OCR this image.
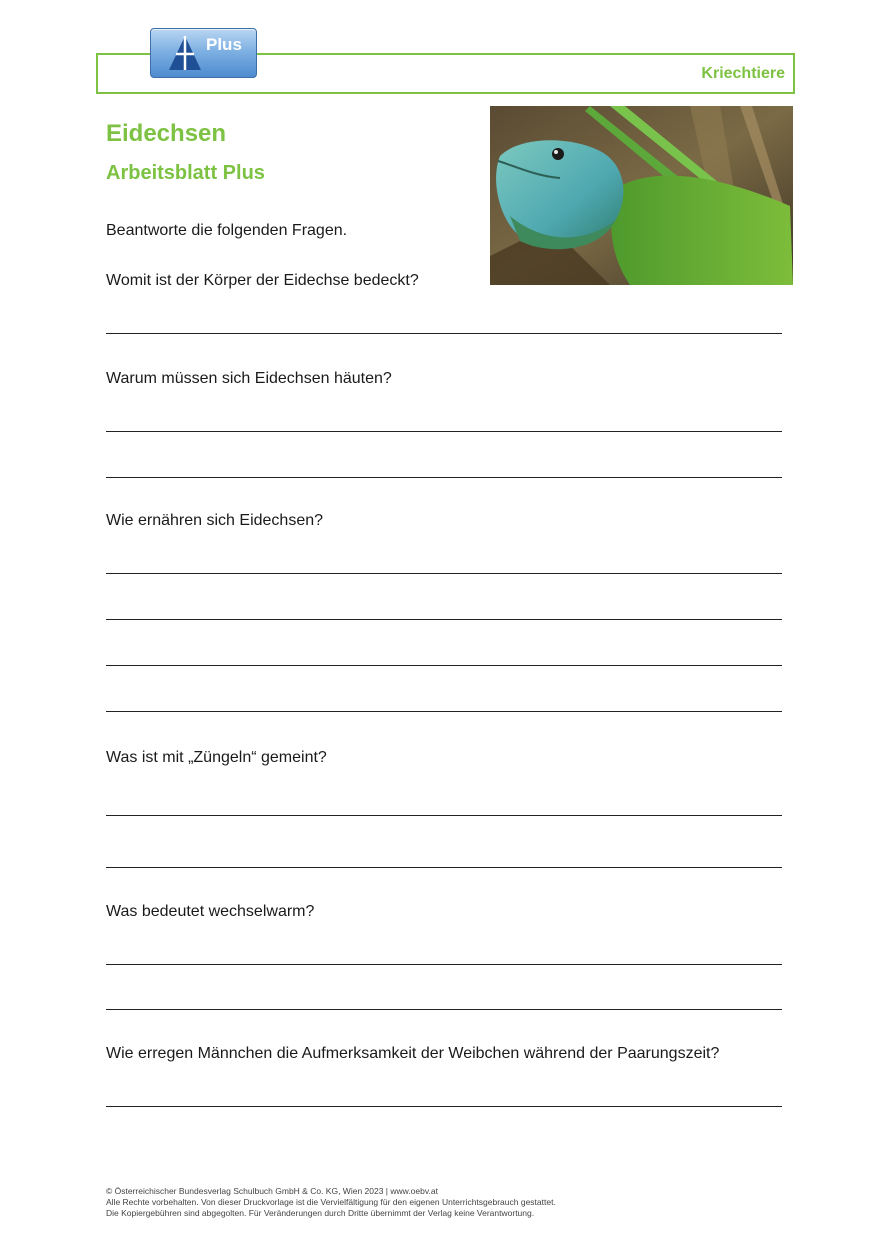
Kriechtiere
Plus
Eidechsen
Arbeitsblatt Plus
Beantworte die folgenden Fragen.
Womit ist der Körper der Eidechse bedeckt?
Warum müssen sich Eidechsen häuten?
Wie ernähren sich Eidechsen?
Was ist mit „Züngeln“ gemeint?
Was bedeutet wechselwarm?
Wie erregen Männchen die Aufmerksamkeit der Weibchen während der Paarungszeit?
© Österreichischer Bundesverlag Schulbuch GmbH & Co. KG, Wien 2023 | www.oebv.at
Alle Rechte vorbehalten. Von dieser Druckvorlage ist die Vervielfältigung für den eigenen Unterrichtsgebrauch gestattet.
Die Kopiergebühren sind abgegolten. Für Veränderungen durch Dritte übernimmt der Verlag keine Verantwortung.
